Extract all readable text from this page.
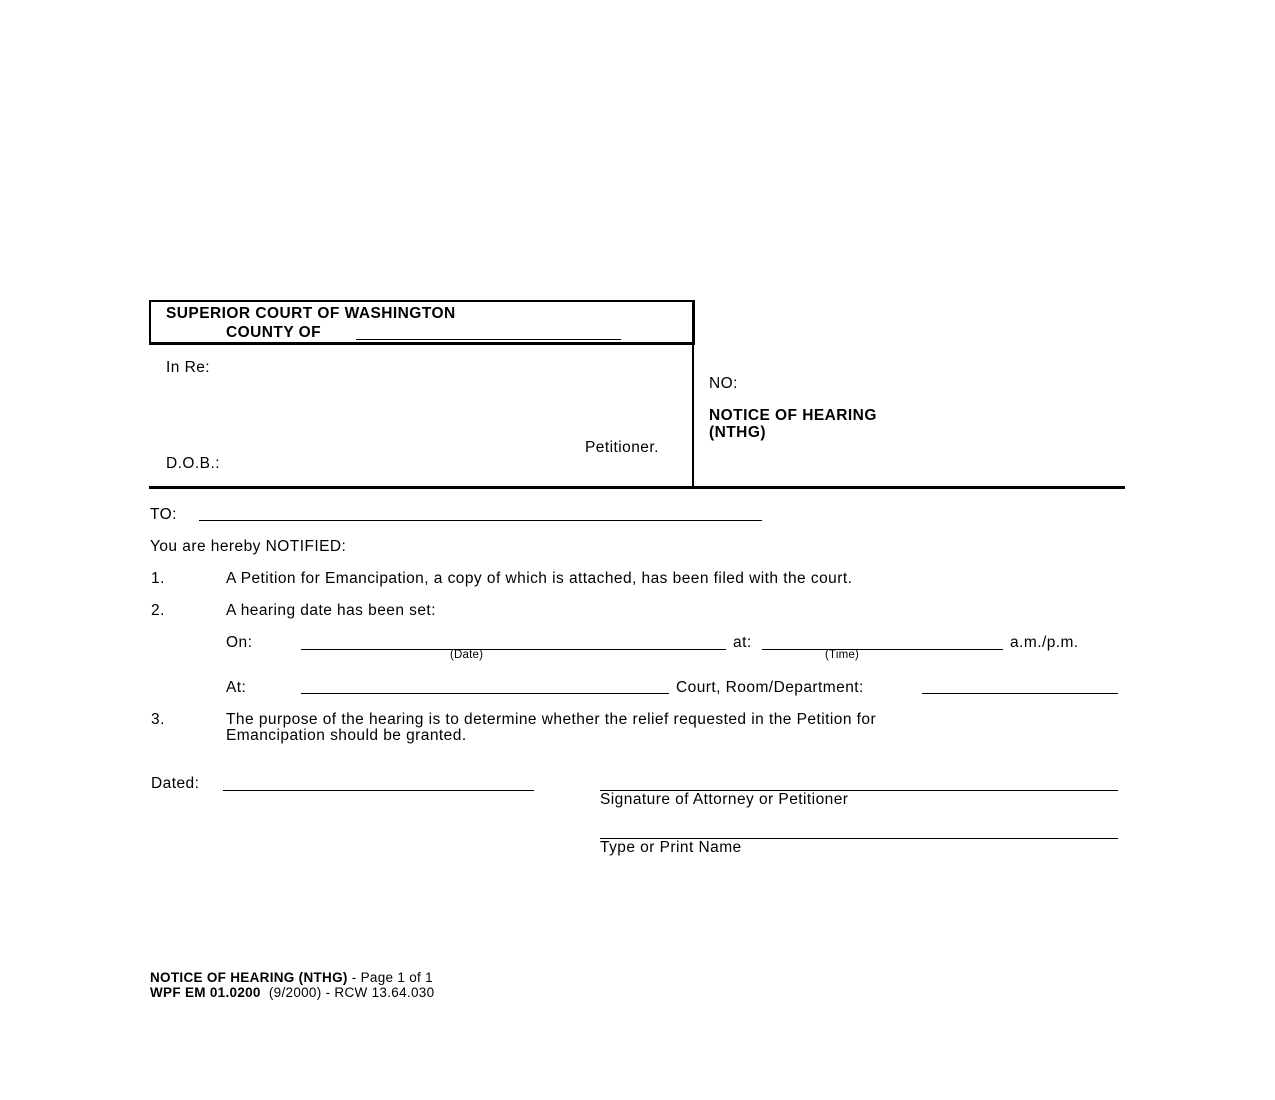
SUPERIOR COURT OF WASHINGTON
COUNTY OF
In Re:
Petitioner.
D.O.B.:
NO:
NOTICE OF HEARING
(NTHG)
TO:
You are hereby NOTIFIED:
1.	A Petition for Emancipation, a copy of which is attached, has been filed with the court.
2.	A hearing date has been set:
On:
(Date)
at:
(Time)
a.m./p.m.
At:	Court, Room/Department:
3.	The purpose of the hearing is to determine whether the relief requested in the Petition for
Emancipation should be granted.
Dated:
Signature of Attorney or Petitioner
Type or Print Name
NOTICE OF HEARING (NTHG) - Page 1 of 1
WPF EM 01.0200  (9/2000) - RCW 13.64.030
